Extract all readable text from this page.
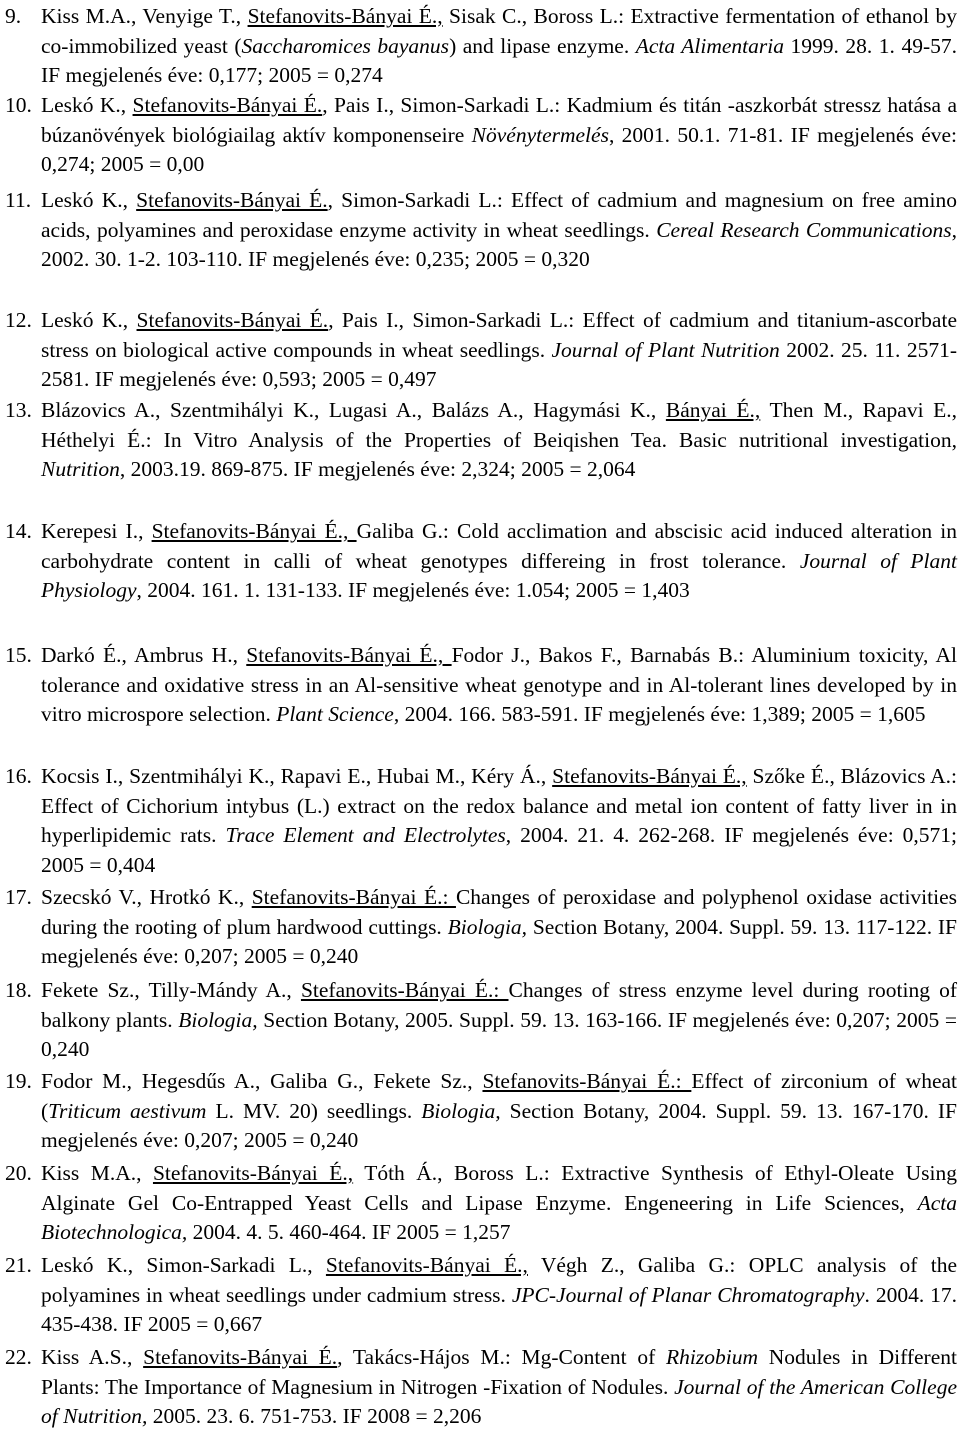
9. Kiss M.A., Venyige T., Stefanovits-Bányai É., Sisak C., Boross L.: Extractive fermentation of ethanol by co-immobilized yeast (Saccharomices bayanus) and lipase enzyme. Acta Alimentaria 1999. 28. 1. 49-57. IF megjelenés éve: 0,177; 2005 = 0,274
10. Leskó K., Stefanovits-Bányai É., Pais I., Simon-Sarkadi L.: Kadmium és titán -aszkorbát stressz hatása a búzanövények biológiailag aktív komponenseire Növénytermelés, 2001. 50.1. 71-81. IF megjelenés éve: 0,274; 2005 = 0,00
11. Leskó K., Stefanovits-Bányai É., Simon-Sarkadi L.: Effect of cadmium and magnesium on free amino acids, polyamines and peroxidase enzyme activity in wheat seedlings. Cereal Research Communications, 2002. 30. 1-2. 103-110. IF megjelenés éve: 0,235; 2005 = 0,320
12. Leskó K., Stefanovits-Bányai É., Pais I., Simon-Sarkadi L.: Effect of cadmium and titanium-ascorbate stress on biological active compounds in wheat seedlings. Journal of Plant Nutrition 2002. 25. 11. 2571-2581. IF megjelenés éve: 0,593; 2005 = 0,497
13. Blázovics A., Szentmihályi K., Lugasi A., Balázs A., Hagymási K., Bányai É., Then M., Rapavi E., Héthelyi É.: In Vitro Analysis of the Properties of Beiqishen Tea. Basic nutritional investigation, Nutrition, 2003.19. 869-875. IF megjelenés éve: 2,324; 2005 = 2,064
14. Kerepesi I., Stefanovits-Bányai É., Galiba G.: Cold acclimation and abscisic acid induced alteration in carbohydrate content in calli of wheat genotypes differeing in frost tolerance. Journal of Plant Physiology, 2004. 161. 1. 131-133. IF megjelenés éve: 1.054; 2005 = 1,403
15. Darkó É., Ambrus H., Stefanovits-Bányai É., Fodor J., Bakos F., Barnabás B.: Aluminium toxicity, Al tolerance and oxidative stress in an Al-sensitive wheat genotype and in Al-tolerant lines developed by in vitro microspore selection. Plant Science, 2004. 166. 583-591. IF megjelenés éve: 1,389; 2005 = 1,605
16. Kocsis I., Szentmihályi K., Rapavi E., Hubai M., Kéry Á., Stefanovits-Bányai É., Szőke É., Blázovics A.: Effect of Cichorium intybus (L.) extract on the redox balance and metal ion content of fatty liver in in hyperlipidemic rats. Trace Element and Electrolytes, 2004. 21. 4. 262-268. IF megjelenés éve: 0,571; 2005 = 0,404
17. Szecskó V., Hrotkó K., Stefanovits-Bányai É.: Changes of peroxidase and polyphenol oxidase activities during the rooting of plum hardwood cuttings. Biologia, Section Botany, 2004. Suppl. 59. 13. 117-122. IF megjelenés éve: 0,207; 2005 = 0,240
18. Fekete Sz., Tilly-Mándy A., Stefanovits-Bányai É.: Changes of stress enzyme level during rooting of balkony plants. Biologia, Section Botany, 2005. Suppl. 59. 13. 163-166. IF megjelenés éve: 0,207; 2005 = 0,240
19. Fodor M., Hegesdűs A., Galiba G., Fekete Sz., Stefanovits-Bányai É.: Effect of zirconium of wheat (Triticum aestivum L. MV. 20) seedlings. Biologia, Section Botany, 2004. Suppl. 59. 13. 167-170. IF megjelenés éve: 0,207; 2005 = 0,240
20. Kiss M.A., Stefanovits-Bányai É., Tóth Á., Boross L.: Extractive Synthesis of Ethyl-Oleate Using Alginate Gel Co-Entrapped Yeast Cells and Lipase Enzyme. Engeneering in Life Sciences, Acta Biotechnologica, 2004. 4. 5. 460-464. IF 2005 = 1,257
21. Leskó K., Simon-Sarkadi L., Stefanovits-Bányai É., Végh Z., Galiba G.: OPLC analysis of the polyamines in wheat seedlings under cadmium stress. JPC-Journal of Planar Chromatography. 2004. 17. 435-438. IF 2005 = 0,667
22. Kiss A.S., Stefanovits-Bányai É., Takács-Hájos M.: Mg-Content of Rhizobium Nodules in Different Plants: The Importance of Magnesium in Nitrogen -Fixation of Nodules. Journal of the American College of Nutrition, 2005. 23. 6. 751-753. IF 2008 = 2,206
